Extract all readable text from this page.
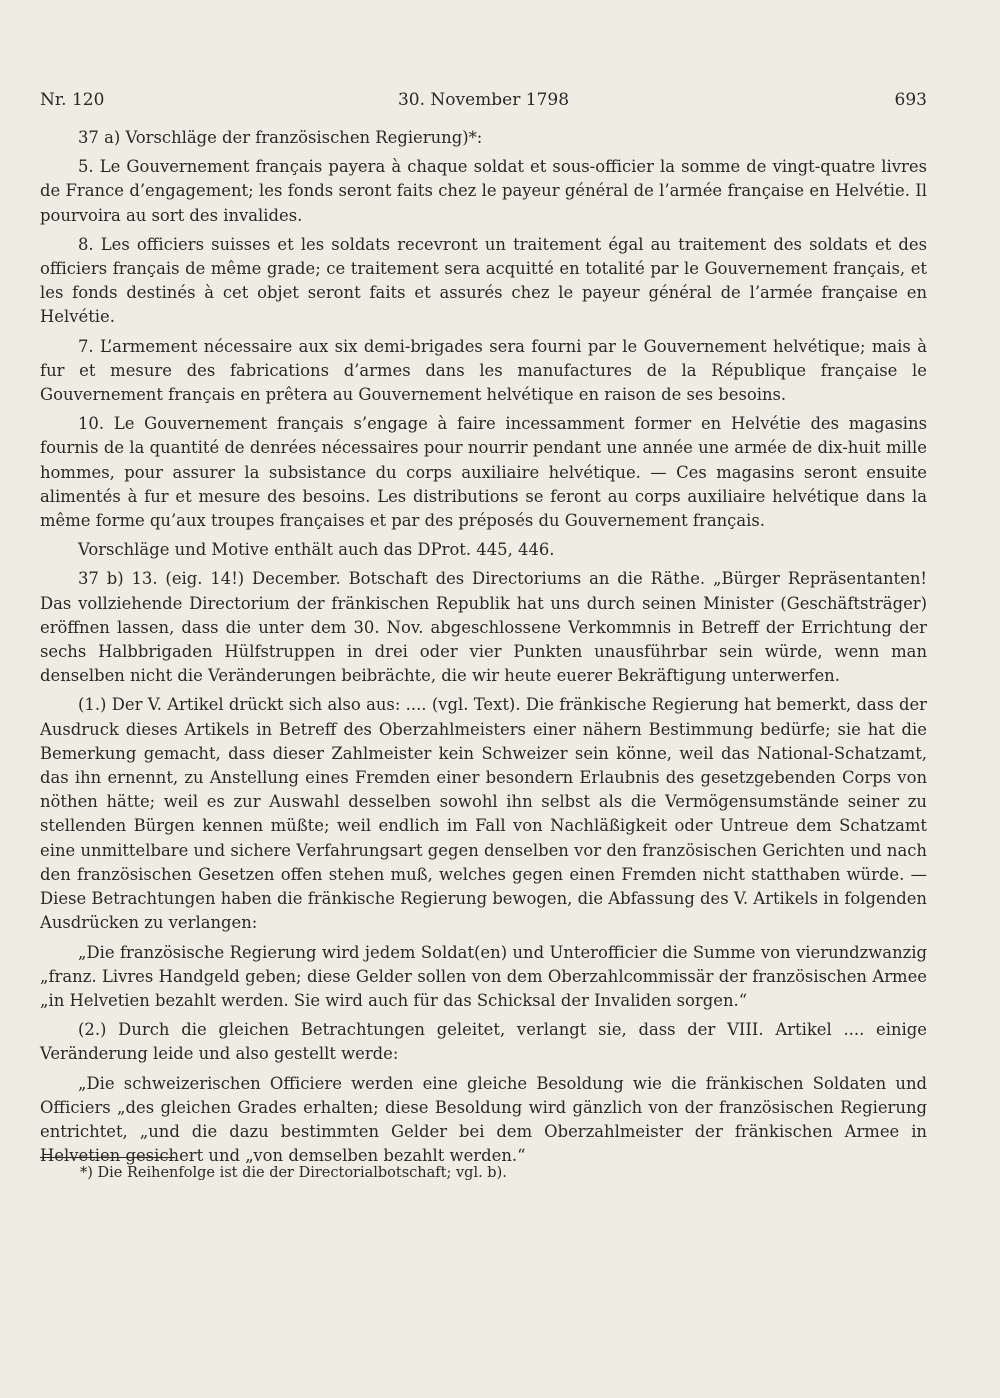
Nr. 120	30. November 1798	693

37 a) Vorschläge der französischen Regierung)*:

5. Le Gouvernement français payera à chaque soldat et sous-officier la somme de vingt-quatre livres de France d’engagement; les fonds seront faits chez le payeur général de l’armée française en Helvétie. Il pourvoira au sort des invalides.

8. Les officiers suisses et les soldats recevront un traitement égal au traitement des soldats et des officiers français de même grade; ce traitement sera acquitté en totalité par le Gouvernement français, et les fonds destinés à cet objet seront faits et assurés chez le payeur général de l’armée française en Helvétie.

7. L’armement nécessaire aux six demi-brigades sera fourni par le Gouvernement helvétique; mais à fur et mesure des fabrications d’armes dans les manufactures de la République française le Gouvernement français en prêtera au Gouvernement helvétique en raison de ses besoins.

10. Le Gouvernement français s’engage à faire incessamment former en Helvétie des magasins fournis de la quantité de denrées nécessaires pour nourrir pendant une année une armée de dix-huit mille hommes, pour assurer la subsistance du corps auxiliaire helvétique. — Ces magasins seront ensuite alimentés à fur et mesure des besoins. Les distributions se feront au corps auxiliaire helvétique dans la même forme qu’aux troupes françaises et par des préposés du Gouvernement français.

Vorschläge und Motive enthält auch das DProt. 445, 446.

37 b) 13. (eig. 14!) December. Botschaft des Directoriums an die Räthe. „Bürger Repräsentanten! Das vollziehende Directorium der fränkischen Republik hat uns durch seinen Minister (Geschäftsträger) eröffnen lassen, dass die unter dem 30. Nov. abgeschlossene Verkommnis in Betreff der Errichtung der sechs Halbbrigaden Hülfstruppen in drei oder vier Punkten unausführbar sein würde, wenn man denselben nicht die Veränderungen beibrächte, die wir heute euerer Bekräftigung unterwerfen.

(1.) Der V. Artikel drückt sich also aus: .... (vgl. Text). Die fränkische Regierung hat bemerkt, dass der Ausdruck dieses Artikels in Betreff des Oberzahlmeisters einer nähern Bestimmung bedürfe; sie hat die Bemerkung gemacht, dass dieser Zahlmeister kein Schweizer sein könne, weil das National-Schatzamt, das ihn ernennt, zu Anstellung eines Fremden einer besondern Erlaubnis des gesetzgebenden Corps von nöthen hätte; weil es zur Auswahl desselben sowohl ihn selbst als die Vermögensumstände seiner zu stellenden Bürgen kennen müßte; weil endlich im Fall von Nachläßigkeit oder Untreue dem Schatzamt eine unmittelbare und sichere Verfahrungsart gegen denselben vor den französischen Gerichten und nach den französischen Gesetzen offen stehen muß, welches gegen einen Fremden nicht statthaben würde. — Diese Betrachtungen haben die fränkische Regierung bewogen, die Abfassung des V. Artikels in folgenden Ausdrücken zu verlangen:

„Die französische Regierung wird jedem Soldat(en) und Unterofficier die Summe von vierundzwanzig „franz. Livres Handgeld geben; diese Gelder sollen von dem Oberzahlcommissär der französischen Armee „in Helvetien bezahlt werden. Sie wird auch für das Schicksal der Invaliden sorgen.“

(2.) Durch die gleichen Betrachtungen geleitet, verlangt sie, dass der VIII. Artikel .... einige Veränderung leide und also gestellt werde:

„Die schweizerischen Officiere werden eine gleiche Besoldung wie die fränkischen Soldaten und Officiers „des gleichen Grades erhalten; diese Besoldung wird gänzlich von der französischen Regierung entrichtet, „und die dazu bestimmten Gelder bei dem Oberzahlmeister der fränkischen Armee in Helvetien gesichert und „von demselben bezahlt werden.“

*) Die Reihenfolge ist die der Directorialbotschaft; vgl. b).
